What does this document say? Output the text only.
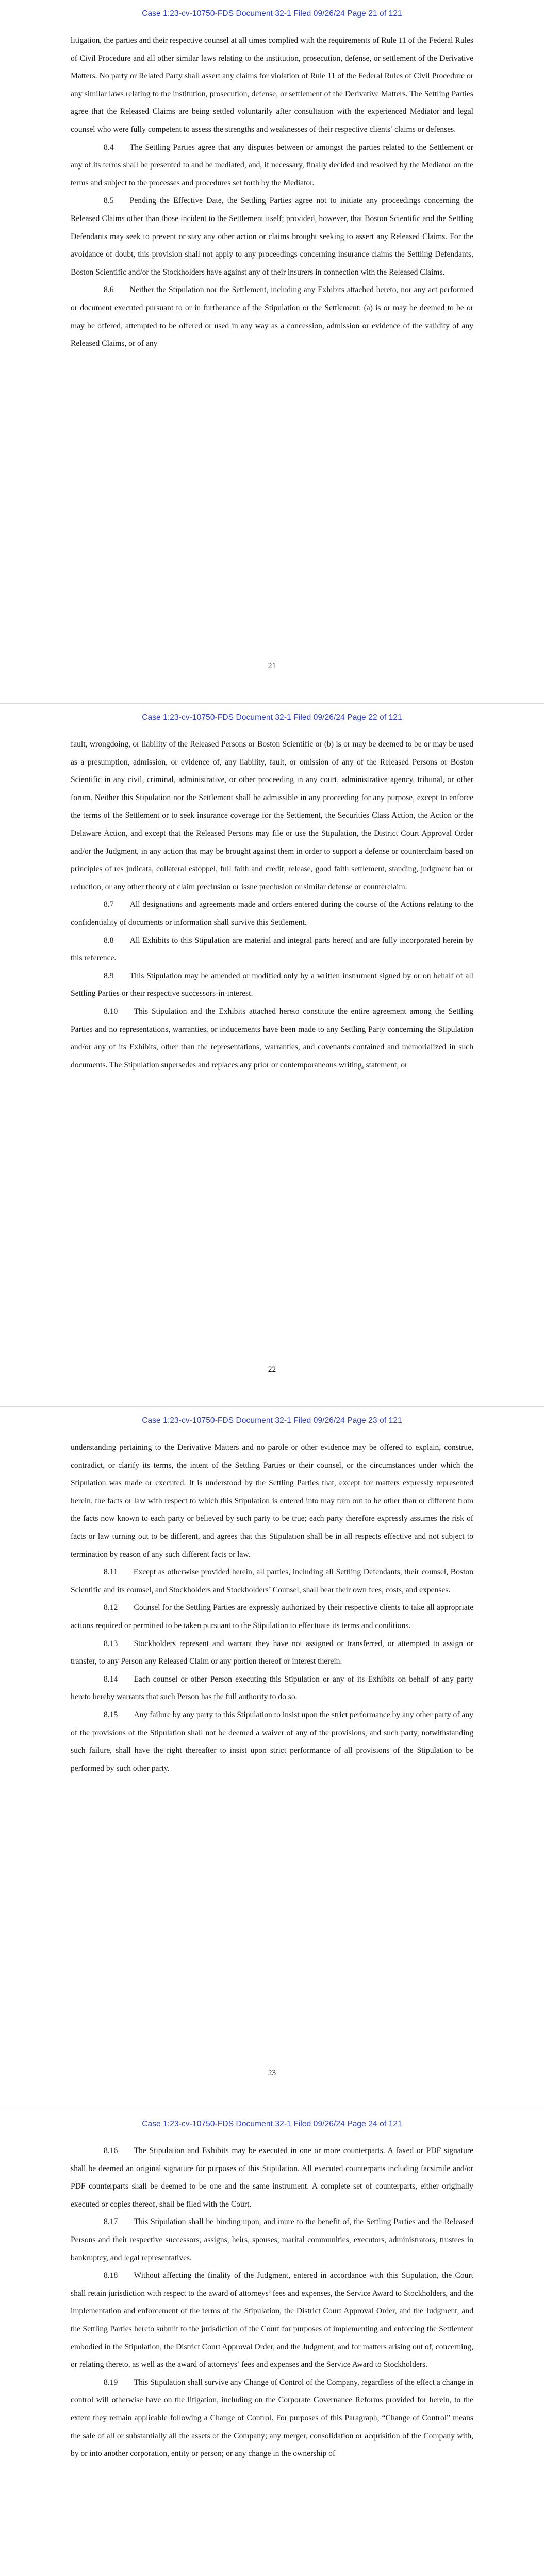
Case 1:23-cv-10750-FDS Document 32-1 Filed 09/26/24 Page 21 of 121

litigation, the parties and their respective counsel at all times complied with the requirements of Rule 11 of the Federal Rules of Civil Procedure and all other similar laws relating to the institution, prosecution, defense, or settlement of the Derivative Matters. No party or Related Party shall assert any claims for violation of Rule 11 of the Federal Rules of Civil Procedure or any similar laws relating to the institution, prosecution, defense, or settlement of the Derivative Matters. The Settling Parties agree that the Released Claims are being settled voluntarily after consultation with the experienced Mediator and legal counsel who were fully competent to assess the strengths and weaknesses of their respective clients’ claims or defenses.

8.4  The Settling Parties agree that any disputes between or amongst the parties related to the Settlement or any of its terms shall be presented to and be mediated, and, if necessary, finally decided and resolved by the Mediator on the terms and subject to the processes and procedures set forth by the Mediator.

8.5  Pending the Effective Date, the Settling Parties agree not to initiate any proceedings concerning the Released Claims other than those incident to the Settlement itself; provided, however, that Boston Scientific and the Settling Defendants may seek to prevent or stay any other action or claims brought seeking to assert any Released Claims. For the avoidance of doubt, this provision shall not apply to any proceedings concerning insurance claims the Settling Defendants, Boston Scientific and/or the Stockholders have against any of their insurers in connection with the Released Claims.

8.6  Neither the Stipulation nor the Settlement, including any Exhibits attached hereto, nor any act performed or document executed pursuant to or in furtherance of the Stipulation or the Settlement: (a) is or may be deemed to be or may be offered, attempted to be offered or used in any way as a concession, admission or evidence of the validity of any Released Claims, or of any

21
Case 1:23-cv-10750-FDS Document 32-1 Filed 09/26/24 Page 22 of 121

fault, wrongdoing, or liability of the Released Persons or Boston Scientific or (b) is or may be deemed to be or may be used as a presumption, admission, or evidence of, any liability, fault, or omission of any of the Released Persons or Boston Scientific in any civil, criminal, administrative, or other proceeding in any court, administrative agency, tribunal, or other forum. Neither this Stipulation nor the Settlement shall be admissible in any proceeding for any purpose, except to enforce the terms of the Settlement or to seek insurance coverage for the Settlement, the Securities Class Action, the Action or the Delaware Action, and except that the Released Persons may file or use the Stipulation, the District Court Approval Order and/or the Judgment, in any action that may be brought against them in order to support a defense or counterclaim based on principles of res judicata, collateral estoppel, full faith and credit, release, good faith settlement, standing, judgment bar or reduction, or any other theory of claim preclusion or issue preclusion or similar defense or counterclaim.

8.7  All designations and agreements made and orders entered during the course of the Actions relating to the confidentiality of documents or information shall survive this Settlement.

8.8  All Exhibits to this Stipulation are material and integral parts hereof and are fully incorporated herein by this reference.

8.9  This Stipulation may be amended or modified only by a written instrument signed by or on behalf of all Settling Parties or their respective successors-in-interest.

8.10  This Stipulation and the Exhibits attached hereto constitute the entire agreement among the Settling Parties and no representations, warranties, or inducements have been made to any Settling Party concerning the Stipulation and/or any of its Exhibits, other than the representations, warranties, and covenants contained and memorialized in such documents. The Stipulation supersedes and replaces any prior or contemporaneous writing, statement, or

22
Case 1:23-cv-10750-FDS Document 32-1 Filed 09/26/24 Page 23 of 121

understanding pertaining to the Derivative Matters and no parole or other evidence may be offered to explain, construe, contradict, or clarify its terms, the intent of the Settling Parties or their counsel, or the circumstances under which the Stipulation was made or executed. It is understood by the Settling Parties that, except for matters expressly represented herein, the facts or law with respect to which this Stipulation is entered into may turn out to be other than or different from the facts now known to each party or believed by such party to be true; each party therefore expressly assumes the risk of facts or law turning out to be different, and agrees that this Stipulation shall be in all respects effective and not subject to termination by reason of any such different facts or law.

8.11  Except as otherwise provided herein, all parties, including all Settling Defendants, their counsel, Boston Scientific and its counsel, and Stockholders and Stockholders’ Counsel, shall bear their own fees, costs, and expenses.

8.12  Counsel for the Settling Parties are expressly authorized by their respective clients to take all appropriate actions required or permitted to be taken pursuant to the Stipulation to effectuate its terms and conditions.

8.13  Stockholders represent and warrant they have not assigned or transferred, or attempted to assign or transfer, to any Person any Released Claim or any portion thereof or interest therein.

8.14  Each counsel or other Person executing this Stipulation or any of its Exhibits on behalf of any party hereto hereby warrants that such Person has the full authority to do so.

8.15  Any failure by any party to this Stipulation to insist upon the strict performance by any other party of any of the provisions of the Stipulation shall not be deemed a waiver of any of the provisions, and such party, notwithstanding such failure, shall have the right thereafter to insist upon strict performance of all provisions of the Stipulation to be performed by such other party.

23
Case 1:23-cv-10750-FDS Document 32-1 Filed 09/26/24 Page 24 of 121

8.16  The Stipulation and Exhibits may be executed in one or more counterparts. A faxed or PDF signature shall be deemed an original signature for purposes of this Stipulation. All executed counterparts including facsimile and/or PDF counterparts shall be deemed to be one and the same instrument. A complete set of counterparts, either originally executed or copies thereof, shall be filed with the Court.

8.17  This Stipulation shall be binding upon, and inure to the benefit of, the Settling Parties and the Released Persons and their respective successors, assigns, heirs, spouses, marital communities, executors, administrators, trustees in bankruptcy, and legal representatives.

8.18  Without affecting the finality of the Judgment, entered in accordance with this Stipulation, the Court shall retain jurisdiction with respect to the award of attorneys’ fees and expenses, the Service Award to Stockholders, and the implementation and enforcement of the terms of the Stipulation, the District Court Approval Order, and the Judgment, and the Settling Parties hereto submit to the jurisdiction of the Court for purposes of implementing and enforcing the Settlement embodied in the Stipulation, the District Court Approval Order, and the Judgment, and for matters arising out of, concerning, or relating thereto, as well as the award of attorneys’ fees and expenses and the Service Award to Stockholders.

8.19  This Stipulation shall survive any Change of Control of the Company, regardless of the effect a change in control will otherwise have on the litigation, including on the Corporate Governance Reforms provided for herein, to the extent they remain applicable following a Change of Control. For purposes of this Paragraph, “Change of Control” means the sale of all or substantially all the assets of the Company; any merger, consolidation or acquisition of the Company with, by or into another corporation, entity or person; or any change in the ownership of
